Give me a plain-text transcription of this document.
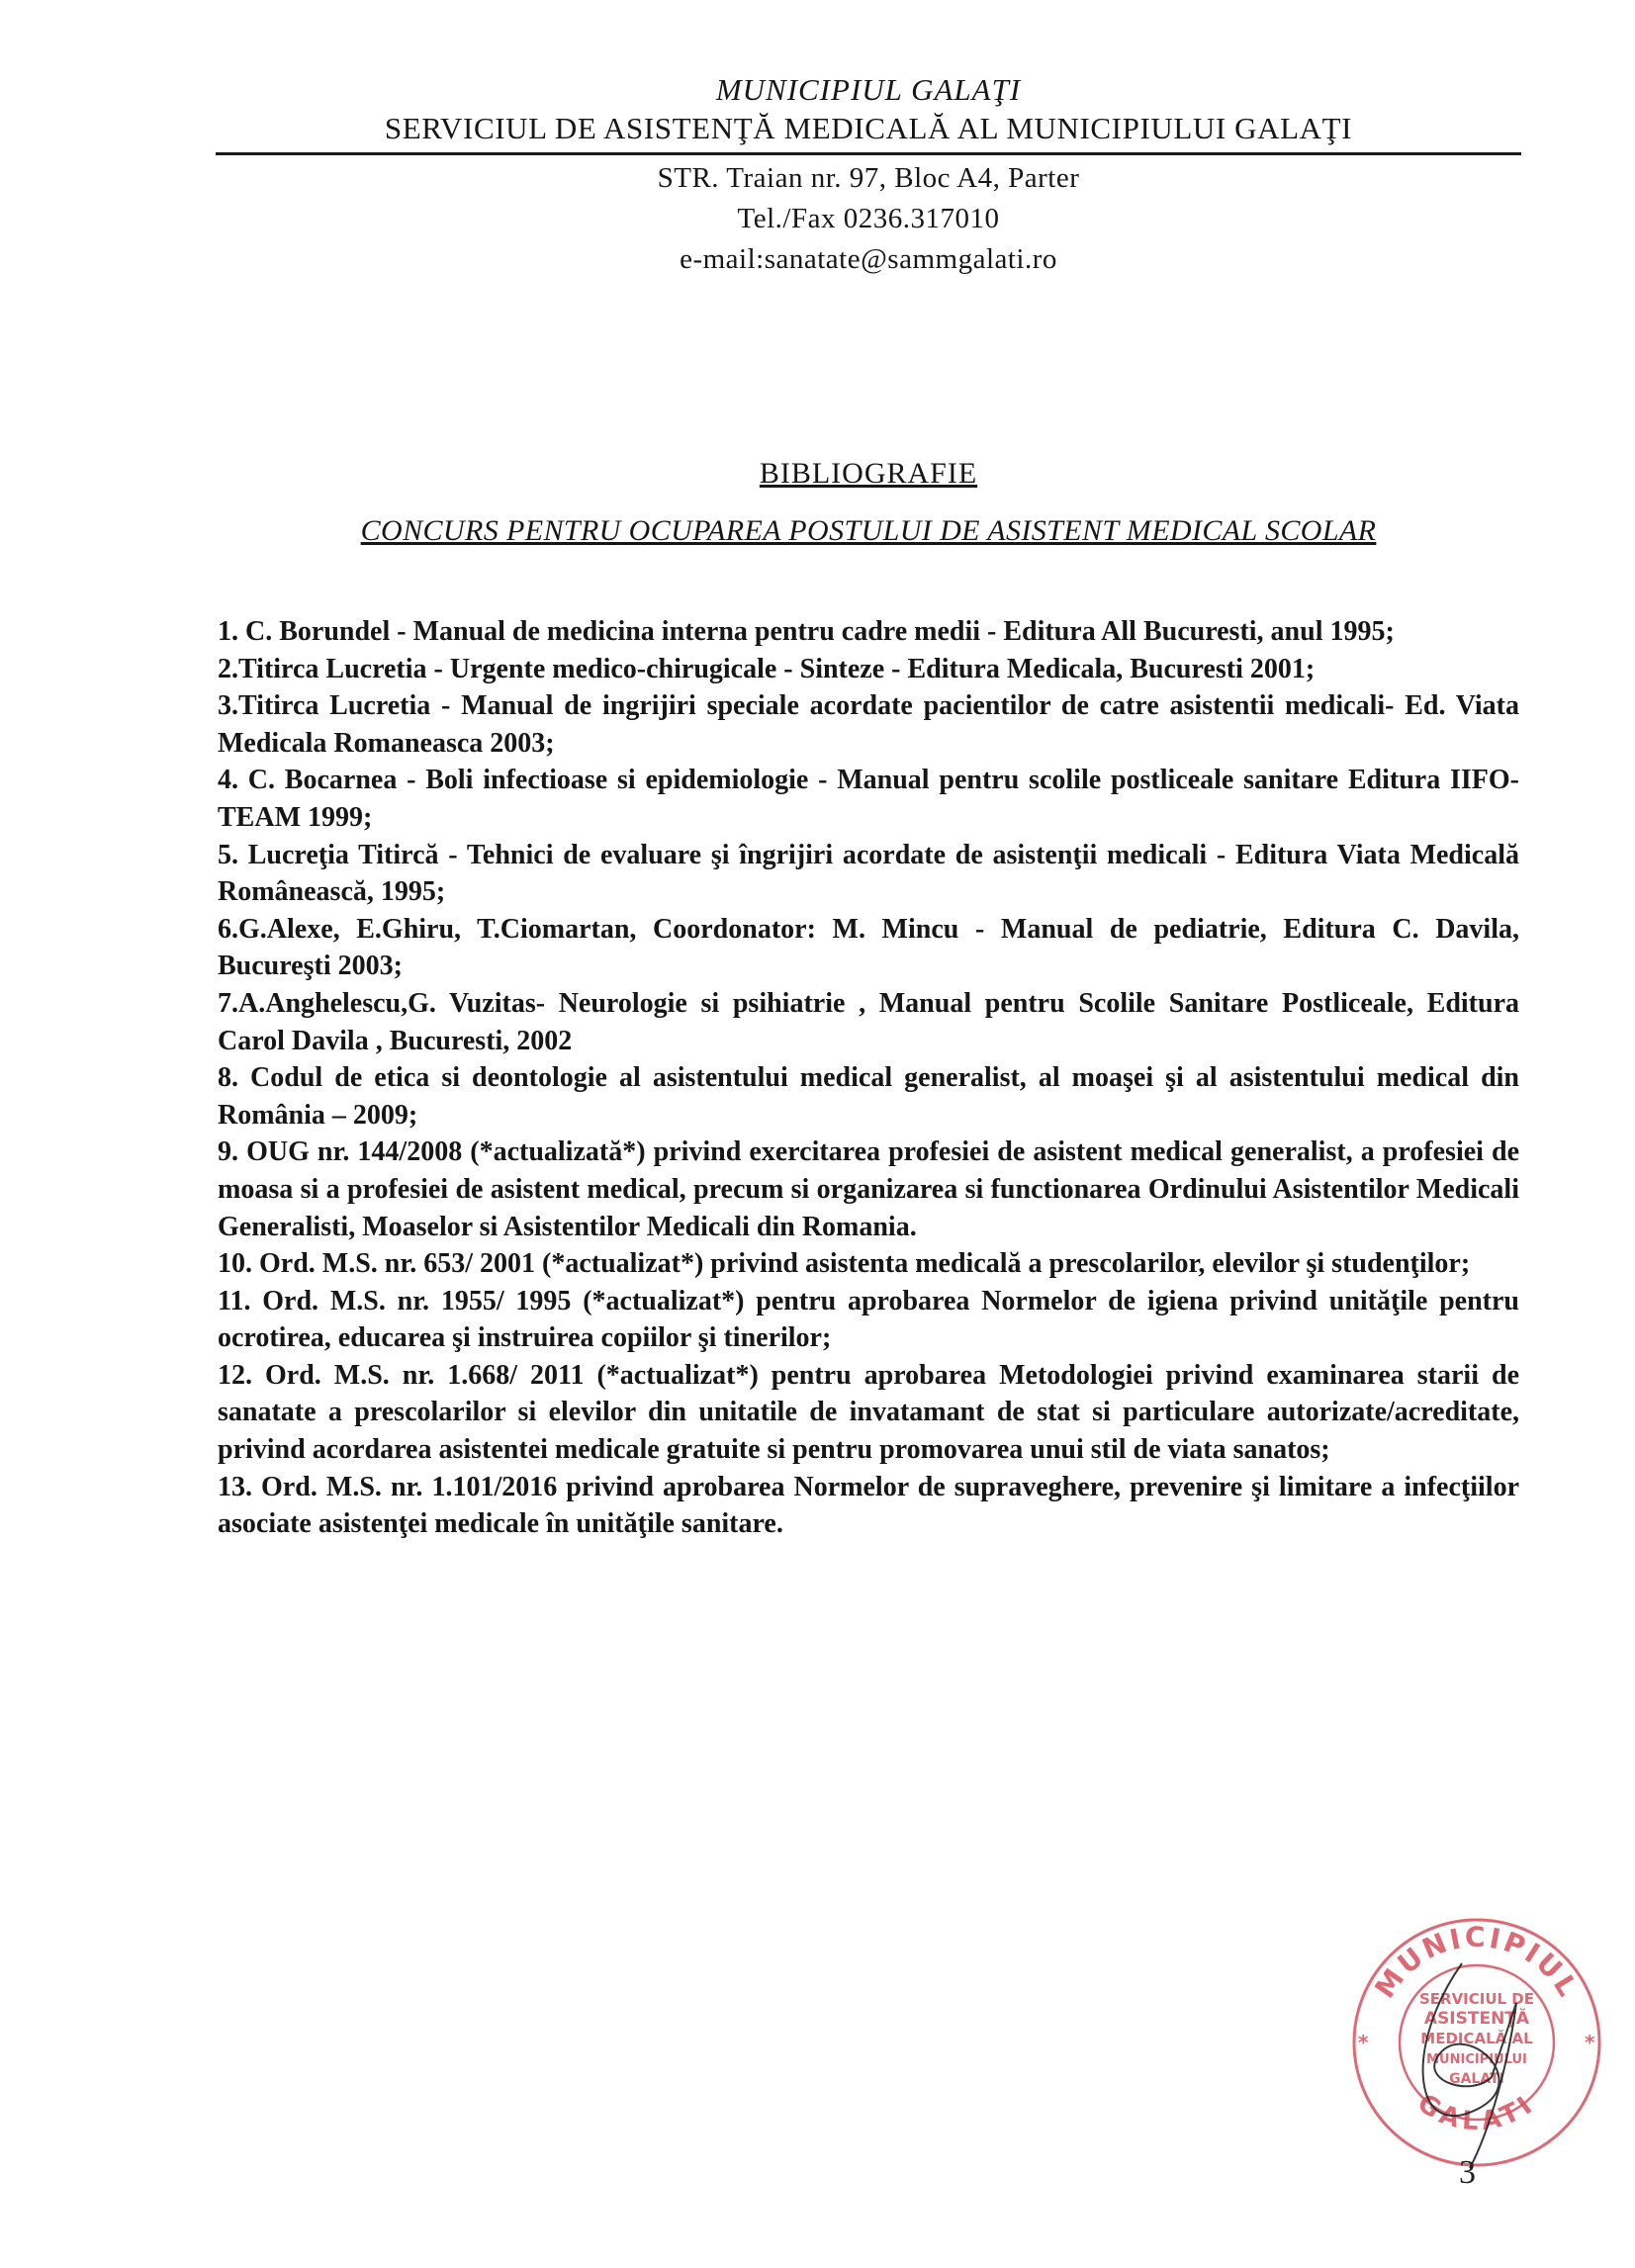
MUNICIPIUL GALAŢI
SERVICIUL DE ASISTENŢĂ MEDICALĂ AL MUNICIPIULUI GALAŢI
STR. Traian nr. 97, Bloc A4, Parter
Tel./Fax 0236.317010
e-mail:sanatate@sammgalati.ro
BIBLIOGRAFIE
CONCURS PENTRU OCUPAREA POSTULUI DE ASISTENT MEDICAL SCOLAR
1. C. Borundel - Manual de medicina interna pentru cadre medii - Editura All Bucuresti, anul 1995;
2.Titirca Lucretia - Urgente medico-chirugicale - Sinteze - Editura Medicala, Bucuresti 2001;
3.Titirca Lucretia - Manual de ingrijiri speciale acordate pacientilor de catre asistentii medicali- Ed. Viata Medicala Romaneasca 2003;
4. C. Bocarnea - Boli infectioase si epidemiologie - Manual pentru scolile postliceale sanitare Editura IIFO-TEAM 1999;
5. Lucreţia Titircă - Tehnici de evaluare şi îngrijiri acordate de asistenţii medicali - Editura Viata Medicală Românească, 1995;
6.G.Alexe, E.Ghiru, T.Ciomartan, Coordonator: M. Mincu - Manual de pediatrie, Editura C. Davila, Bucureşti 2003;
7.A.Anghelescu,G. Vuzitas- Neurologie si psihiatrie , Manual pentru Scolile Sanitare Postliceale, Editura Carol Davila , Bucuresti, 2002
8. Codul de etica si deontologie al asistentului medical generalist, al moaşei şi al asistentului medical din România – 2009;
9. OUG nr. 144/2008 (*actualizată*) privind exercitarea profesiei de asistent medical generalist, a profesiei de moasa si a profesiei de asistent medical, precum si organizarea si functionarea Ordinului Asistentilor Medicali Generalisti, Moaselor si Asistentilor Medicali din Romania.
10. Ord. M.S. nr. 653/ 2001 (*actualizat*) privind asistenta medicală a prescolarilor, elevilor şi studenţilor;
11. Ord. M.S. nr. 1955/ 1995 (*actualizat*) pentru aprobarea Normelor de igiena privind unităţile pentru ocrotirea, educarea şi instruirea copiilor şi tinerilor;
12. Ord. M.S. nr. 1.668/ 2011 (*actualizat*) pentru aprobarea Metodologiei privind examinarea starii de sanatate a prescolarilor si elevilor din unitatile de invatamant de stat si particulare autorizate/acreditate, privind acordarea asistentei medicale gratuite si pentru promovarea unui stil de viata sanatos;
13. Ord. M.S. nr. 1.101/2016 privind aprobarea Normelor de supraveghere, prevenire şi limitare a infecţiilor asociate asistenţei medicale în unităţile sanitare.
MUNICIPIUL
GALATI
SERVICIUL DE
ASISTENŢĂ
MEDICALĂ AL
MUNICIPIULUI
GALATI
*	*
3
